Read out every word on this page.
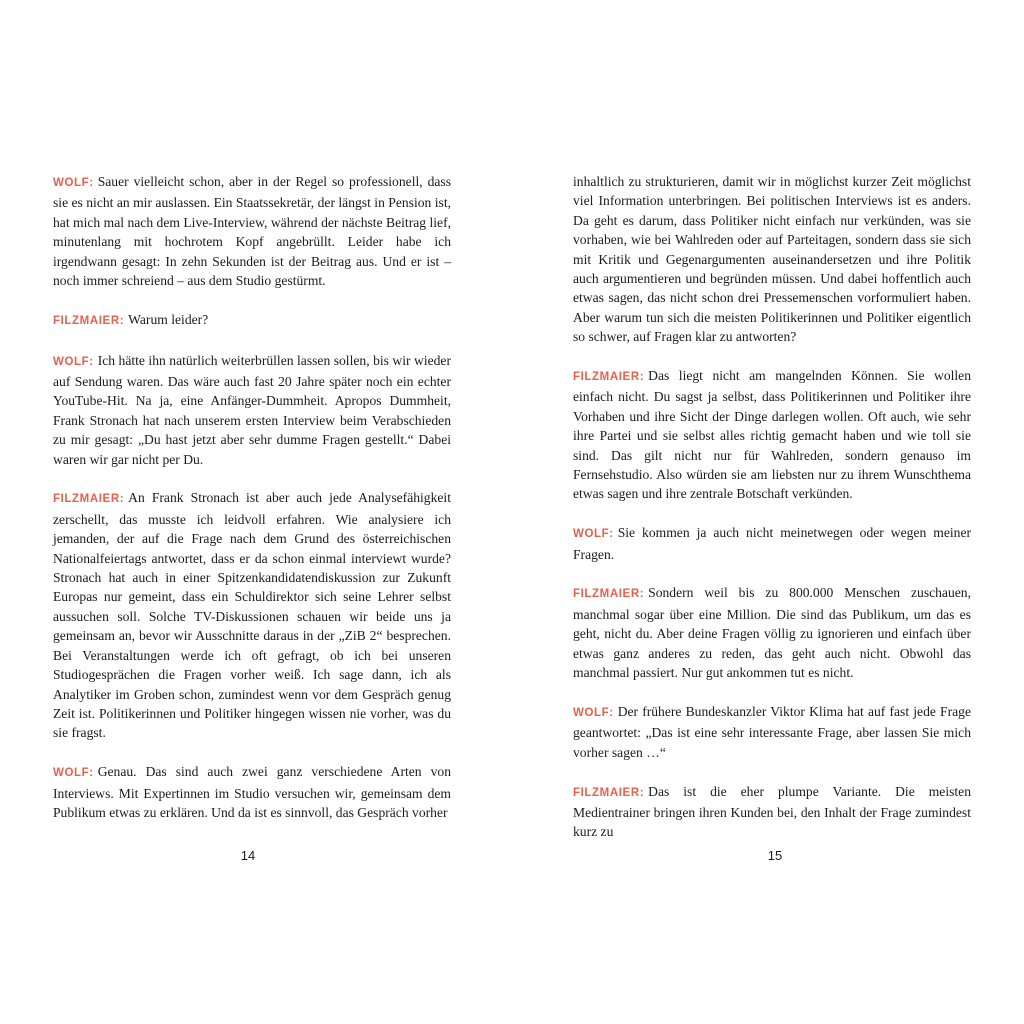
WOLF: Sauer vielleicht schon, aber in der Regel so professionell, dass sie es nicht an mir auslassen. Ein Staatssekretär, der längst in Pension ist, hat mich mal nach dem Live-Interview, während der nächste Beitrag lief, minutenlang mit hochrotem Kopf angebrüllt. Leider habe ich irgendwann gesagt: In zehn Sekunden ist der Beitrag aus. Und er ist – noch immer schreiend – aus dem Studio gestürmt.

FILZMAIER: Warum leider?

WOLF: Ich hätte ihn natürlich weiterbrüllen lassen sollen, bis wir wieder auf Sendung waren. Das wäre auch fast 20 Jahre später noch ein echter YouTube-Hit. Na ja, eine Anfänger-Dummheit. Apropos Dummheit, Frank Stronach hat nach unserem ersten Interview beim Verabschieden zu mir gesagt: „Du hast jetzt aber sehr dumme Fragen gestellt.“ Dabei waren wir gar nicht per Du.

FILZMAIER: An Frank Stronach ist aber auch jede Analysefähigkeit zerschellt, das musste ich leidvoll erfahren. Wie analysiere ich jemanden, der auf die Frage nach dem Grund des österreichischen Nationalfeiertags antwortet, dass er da schon einmal interviewt wurde? Stronach hat auch in einer Spitzenkandidatendiskussion zur Zukunft Europas nur gemeint, dass ein Schuldirektor sich seine Lehrer selbst aussuchen soll. Solche TV-Diskussionen schauen wir beide uns ja gemeinsam an, bevor wir Ausschnitte daraus in der „ZiB 2“ besprechen. Bei Veranstaltungen werde ich oft gefragt, ob ich bei unseren Studiogesprächen die Fragen vorher weiß. Ich sage dann, ich als Analytiker im Groben schon, zumindest wenn vor dem Gespräch genug Zeit ist. Politikerinnen und Politiker hingegen wissen nie vorher, was du sie fragst.

WOLF: Genau. Das sind auch zwei ganz verschiedene Arten von Interviews. Mit Expertinnen im Studio versuchen wir, gemeinsam dem Publikum etwas zu erklären. Und da ist es sinnvoll, das Gespräch vorher

inhaltlich zu strukturieren, damit wir in möglichst kurzer Zeit möglichst viel Information unterbringen. Bei politischen Interviews ist es anders. Da geht es darum, dass Politiker nicht einfach nur verkünden, was sie vorhaben, wie bei Wahlreden oder auf Parteitagen, sondern dass sie sich mit Kritik und Gegenargumenten auseinandersetzen und ihre Politik auch argumentieren und begründen müssen. Und dabei hoffentlich auch etwas sagen, das nicht schon drei Pressemenschen vorformuliert haben. Aber warum tun sich die meisten Politikerinnen und Politiker eigentlich so schwer, auf Fragen klar zu antworten?

FILZMAIER: Das liegt nicht am mangelnden Können. Sie wollen einfach nicht. Du sagst ja selbst, dass Politikerinnen und Politiker ihre Vorhaben und ihre Sicht der Dinge darlegen wollen. Oft auch, wie sehr ihre Partei und sie selbst alles richtig gemacht haben und wie toll sie sind. Das gilt nicht nur für Wahlreden, sondern genauso im Fernsehstudio. Also würden sie am liebsten nur zu ihrem Wunschthema etwas sagen und ihre zentrale Botschaft verkünden.

WOLF: Sie kommen ja auch nicht meinetwegen oder wegen meiner Fragen.

FILZMAIER: Sondern weil bis zu 800.000 Menschen zuschauen, manchmal sogar über eine Million. Die sind das Publikum, um das es geht, nicht du. Aber deine Fragen völlig zu ignorieren und einfach über etwas ganz anderes zu reden, das geht auch nicht. Obwohl das manchmal passiert. Nur gut ankommen tut es nicht.

WOLF: Der frühere Bundeskanzler Viktor Klima hat auf fast jede Frage geantwortet: „Das ist eine sehr interessante Frage, aber lassen Sie mich vorher sagen …“

FILZMAIER: Das ist die eher plumpe Variante. Die meisten Medientrainer bringen ihren Kunden bei, den Inhalt der Frage zumindest kurz zu

14	15
